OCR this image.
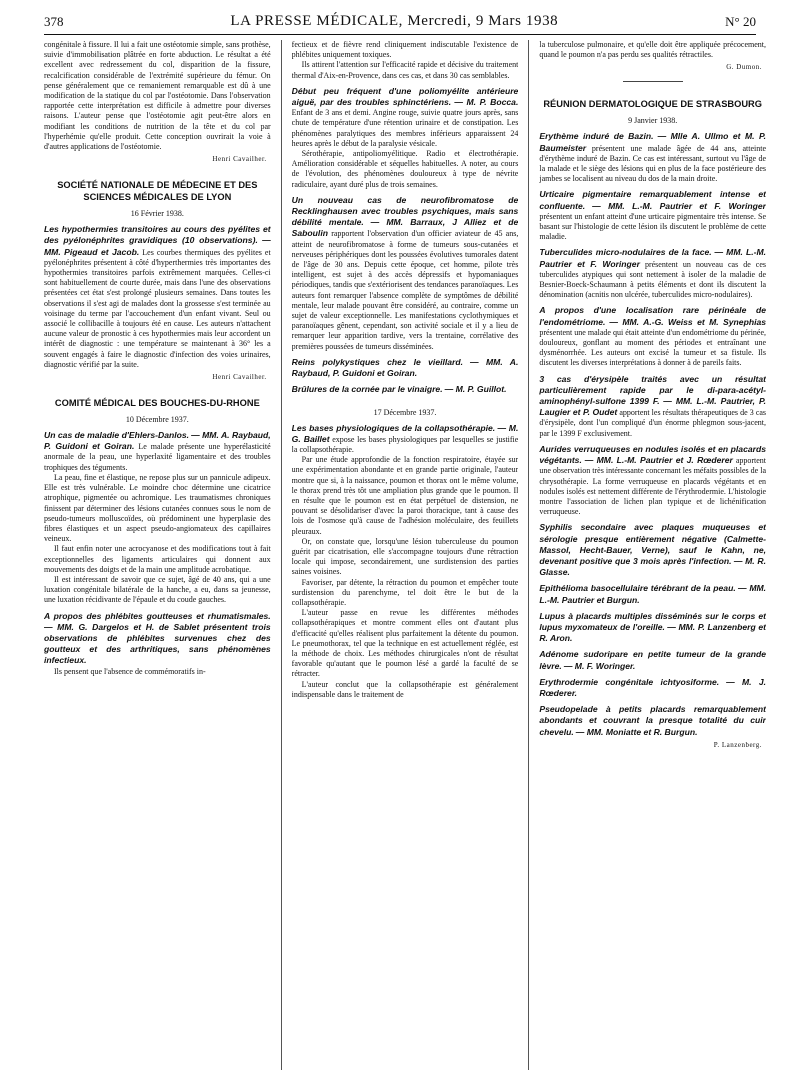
378	LA PRESSE MÉDICALE, Mercredi, 9 Mars 1938	N° 20

congénitale à fissure. Il lui a fait une ostéotomie simple, sans prothèse, suivie d'immobilisation plâtrée en forte abduction. Le résultat a été excellent avec redressement du col, disparition de la fissure, recalcification considérable de l'extrémité supérieure du fémur. On pense généralement que ce remaniement remarquable est dû à une modification de la statique du col par l'ostéotomie. Dans l'observation rapportée cette interprétation est difficile à admettre pour diverses raisons. L'auteur pense que l'ostéotomie agit peut-être alors en modifiant les conditions de nutrition de la tête et du col par l'hyperhémie qu'elle produit. Cette conception ouvrirait la voie à d'autres applications de l'ostéotomie.

Henri Cavailher.
SOCIÉTÉ NATIONALE DE MÉDECINE ET DES SCIENCES MÉDICALES DE LYON
16 Février 1938.

Les hypothermies transitoires au cours des pyélites et des pyélonéphrites gravidiques (10 observations). — MM. Pigeaud et Jacob. Les courbes thermiques des pyélites et pyélonéphrites présentent à côté d'hyperthermies très importantes des hypothermies transitoires parfois extrêmement marquées. Celles-ci sont habituellement de courte durée, mais dans l'une des observations présentées cet état s'est prolongé plusieurs semaines. Dans toutes les observations il s'est agi de malades dont la grossesse s'est terminée au voisinage du terme par l'accouchement d'un enfant vivant. Seul ou associé le collibacille à toujours été en cause. Les auteurs n'attachent aucune valeur de pronostic à ces hypothermies mais leur accordent un intérêt de diagnostic : une température se maintenant à 36° les a souvent engagés à faire le diagnostic d'infection des voies urinaires, diagnostic vérifié par la suite.

Henri Cavailher.
COMITÉ MÉDICAL DES BOUCHES-DU-RHONE
10 Décembre 1937.

Un cas de maladie d'Ehlers-Danlos. — MM. A. Raybaud, P. Guidoni et Goiran. Le malade présente une hyperélasticité anormale de la peau, une hyperlaxité ligamentaire et des troubles trophiques des téguments.

La peau, fine et élastique, ne repose plus sur un pannicule adipeux. Elle est très vulnérable. Le moindre choc détermine une cicatrice atrophique, pigmentée ou achromique. Les traumatismes chroniques finissent par déterminer des lésions cutanées connues sous le nom de pseudo-tumeurs molluscoïdes, où prédominent une hyperplasie des fibres élastiques et un aspect pseudo-angiomateux des capillaires veineux.

Il faut enfin noter une acrocyanose et des modifications tout à fait exceptionnelles des ligaments articulaires qui donnent aux mouvements des doigts et de la main une amplitude acrobatique.

Il est intéressant de savoir que ce sujet, âgé de 40 ans, qui a une luxation congénitale bilatérale de la hanche, a eu, dans sa jeunesse, une luxation récidivante de l'épaule et du coude gauches.

A propos des phlébites goutteuses et rhumatismales. — MM. G. Dargelos et H. de Sablet présentent trois observations de phlébites survenues chez des goutteux et des arthritiques, sans phénomènes infectieux.

Ils pensent que l'absence de commémoratifs in-

fectieux et de fièvre rend cliniquement indiscutable l'existence de phlébites uniquement toxiques.

Ils attirent l'attention sur l'efficacité rapide et décisive du traitement thermal d'Aix-en-Provence, dans ces cas, et dans 30 cas semblables.

Début peu fréquent d'une poliomyélite antérieure aiguë, par des troubles sphinctériens. — M. P. Bocca. Enfant de 3 ans et demi. Angine rouge, suivie quatre jours après, sans chute de température d'une rétention urinaire et de constipation. Les phénomènes paralytiques des membres inférieurs apparaissent 24 heures après le début de la paralysie vésicale.

Sérothérapie, antipoliomyélitique. Radio et électrothérapie. Amélioration considérable et séquelles habituelles. A noter, au cours de l'évolution, des phénomènes douloureux à type de névrite radiculaire, ayant duré plus de trois semaines.

Un nouveau cas de neurofibromatose de Recklinghausen avec troubles psychiques, mais sans débilité mentale. — MM. Barraux, J Alliez et de Saboulin rapportent l'observation d'un officier aviateur de 45 ans, atteint de neurofibromatose à forme de tumeurs sous-cutanées et nerveuses périphériques dont les poussées évolutives tumorales datent de l'âge de 30 ans. Depuis cette époque, cet homme, pilote très intelligent, est sujet à des accès dépressifs et hypomaniaques périodiques, tandis que s'extériorisent des tendances paranoïaques. Les auteurs font remarquer l'absence complète de symptômes de débilité mentale, leur malade pouvant être considéré, au contraire, comme un sujet de valeur exceptionnelle. Les manifestations cyclothymiques et paranoïaques gênent, cependant, son activité sociale et il y a lieu de remarquer leur apparition tardive, vers la trentaine, corrélative des premières poussées de tumeurs disséminées.

Reins polykystiques chez le vieillard. — MM. A. Raybaud, P. Guidoni et Goiran.

Brûlures de la cornée par le vinaigre. — M. P. Guillot.

17 Décembre 1937.

Les bases physiologiques de la collapsothérapie. — M. G. Baillet expose les bases physiologiques par lesquelles se justifie la collapsothérapie.

Par une étude approfondie de la fonction respiratoire, étayée sur une expérimentation abondante et en grande partie originale, l'auteur montre que si, à la naissance, poumon et thorax ont le même volume, le thorax prend très tôt une ampliation plus grande que le poumon. Il en résulte que le poumon est en état perpétuel de distension, ne pouvant se désolidariser d'avec la paroi thoracique, tant à cause des lois de l'osmose qu'à cause de l'adhésion moléculaire, des feuillets pleuraux.

Or, on constate que, lorsqu'une lésion tuberculeuse du poumon guérit par cicatrisation, elle s'accompagne toujours d'une rétraction locale qui impose, secondairement, une surdistension des parties saines voisines.

Favoriser, par détente, la rétraction du poumon et empêcher toute surdistension du parenchyme, tel doit être le but de la collapsothérapie.

L'auteur passe en revue les différentes méthodes collapsothérapiques et montre comment elles ont d'autant plus d'efficacité qu'elles réalisent plus parfaitement la détente du poumon. Le pneumothorax, tel que la technique en est actuellement réglée, est la méthode de choix. Les méthodes chirurgicales n'ont de résultat favorable qu'autant que le poumon lésé a gardé la faculté de se rétracter.

L'auteur conclut que la collapsothérapie est généralement indispensable dans le traitement de

la tuberculose pulmonaire, et qu'elle doit être appliquée précocement, quand le poumon n'a pas perdu ses qualités rétractiles.

G. Dumon.
RÉUNION DERMATOLOGIQUE DE STRASBOURG
9 Janvier 1938.

Erythème induré de Bazin. — Mlle A. Ullmo et M. P. Baumeister présentent une malade âgée de 44 ans, atteinte d'érythème induré de Bazin. Ce cas est intéressant, surtout vu l'âge de la malade et le siège des lésions qui en plus de la face postérieure des jambes se localisent au niveau du dos de la main droite.

Urticaire pigmentaire remarquablement intense et confluente. — MM. L.-M. Pautrier et F. Woringer présentent un enfant atteint d'une urticaire pigmentaire très intense. Se basant sur l'histologie de cette lésion ils discutent le problème de cette maladie.

Tuberculides micro-nodulaires de la face. — MM. L.-M. Pautrier et F. Woringer présentent un nouveau cas de ces tuberculides atypiques qui sont nettement à isoler de la maladie de Besnier-Boeck-Schaumann à petits éléments et dont ils discutent la dénomination (acnitis non ulcérée, tuberculides micro-nodulaires).

A propos d'une localisation rare périnéale de l'endométriome. — MM. A.-G. Weiss et M. Synephias présentent une malade qui était atteinte d'un endométriome du périnée, douloureux, gonflant au moment des périodes et entraînant une dysménorrhée. Les auteurs ont excisé la tumeur et sa fistule. Ils discutent les diverses interprétations à donner à de pareils faits.

3 cas d'érysipèle traités avec un résultat particulièrement rapide par le di-para-acétyl-aminophényl-sulfone 1399 F. — MM. L.-M. Pautrier, P. Laugier et P. Oudet apportent les résultats thérapeutiques de 3 cas d'érysipèle, dont l'un compliqué d'un énorme phlegmon sous-jacent, par le 1399 F exclusivement.

Aurides verruqueuses en nodules isolés et en placards végétants. — MM. L.-M. Pautrier et J. Rœderer apportent une observation très intéressante concernant les méfaits possibles de la chrysothérapie. La forme verruqueuse en placards végétants et en nodules isolés est nettement différente de l'érythrodermie. L'histologie montre l'association de lichen plan typique et de lichénification verruqueuse.

Syphilis secondaire avec plaques muqueuses et sérologie presque entièrement négative (Calmette-Massol, Hecht-Bauer, Verne), sauf le Kahn, ne, devenant positive que 3 mois après l'infection. — M. R. Glasse.

Epithélioma basocellulaire térébrant de la peau. — MM. L.-M. Pautrier et Burgun.

Lupus à placards multiples disséminés sur le corps et lupus myxomateux de l'oreille. — MM. P. Lanzenberg et R. Aron.

Adénome sudoripare en petite tumeur de la grande lèvre. — M. F. Woringer.

Erythrodermie congénitale ichtyosiforme. — M. J. Rœderer.

Pseudopelade à petits placards remarquablement abondants et couvrant la presque totalité du cuir chevelu. — MM. Moniatte et R. Burgun.

P. Lanzenberg.
